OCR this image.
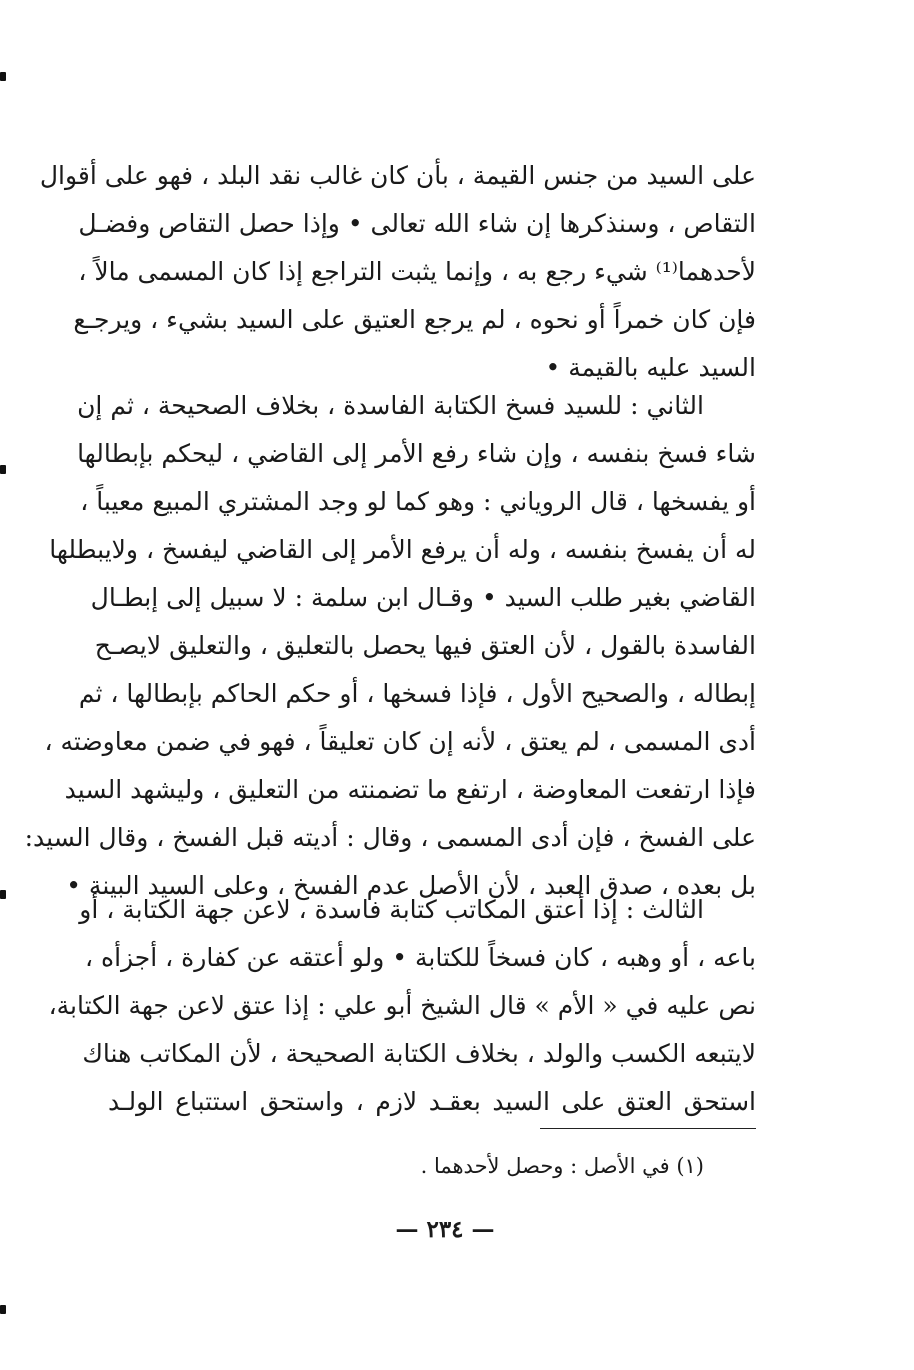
على السيد من جنس القيمة ، بأن كان غالب نقد البلد ، فهو على أقوال
التقاص ، وسنذكرها إن شاء الله تعالى • وإذا حصل التقاص وفضـل
لأحدهما⁽¹⁾ شيء رجع به ، وإنما يثبت التراجع إذا كان المسمى مالاً ،
فإن كان خمراً أو نحوه ، لم يرجع العتيق على السيد بشيء ، ويرجـع
السيد عليه بالقيمة •
الثاني : للسيد فسخ الكتابة الفاسدة ، بخلاف الصحيحة ، ثم إن
شاء فسخ بنفسه ، وإن شاء رفع الأمر إلى القاضي ، ليحكم بإبطالها
أو يفسخها ، قال الروياني : وهو كما لو وجد المشتري المبيع معيباً ،
له أن يفسخ بنفسه ، وله أن يرفع الأمر إلى القاضي ليفسخ ، ولايبطلها
القاضي بغير طلب السيد • وقـال ابن سلمة : لا سبيل إلى إبطـال
الفاسدة بالقول ، لأن العتق فيها يحصل بالتعليق ، والتعليق لايصـح
إبطاله ، والصحيح الأول ، فإذا فسخها ، أو حكم الحاكم بإبطالها ، ثم
أدى المسمى ، لم يعتق ، لأنه إن كان تعليقاً ، فهو في ضمن معاوضته ،
فإذا ارتفعت المعاوضة ، ارتفع ما تضمنته من التعليق ، وليشهد السيد
على الفسخ ، فإن أدى المسمى ، وقال : أديته قبل الفسخ ، وقال السيد:
بل بعده ، صدق العبد ، لأن الأصل عدم الفسخ ، وعلى السيد البينة •
الثالث : إذا أعتق المكاتب كتابة فاسدة ، لاعن جهة الكتابة ، أو
باعه ، أو وهبه ، كان فسخاً للكتابة • ولو أعتقه عن كفارة ، أجزأه ،
نص عليه في « الأم » قال الشيخ أبو علي : إذا عتق لاعن جهة الكتابة،
لايتبعه الكسب والولد ، بخلاف الكتابة الصحيحة ، لأن المكاتب هناك
استحق العتق على السيد بعقـد لازم ، واستحق استتباع الولـد
(١) في الأصل : وحصل لأحدهما .
— ٢٣٤ —
